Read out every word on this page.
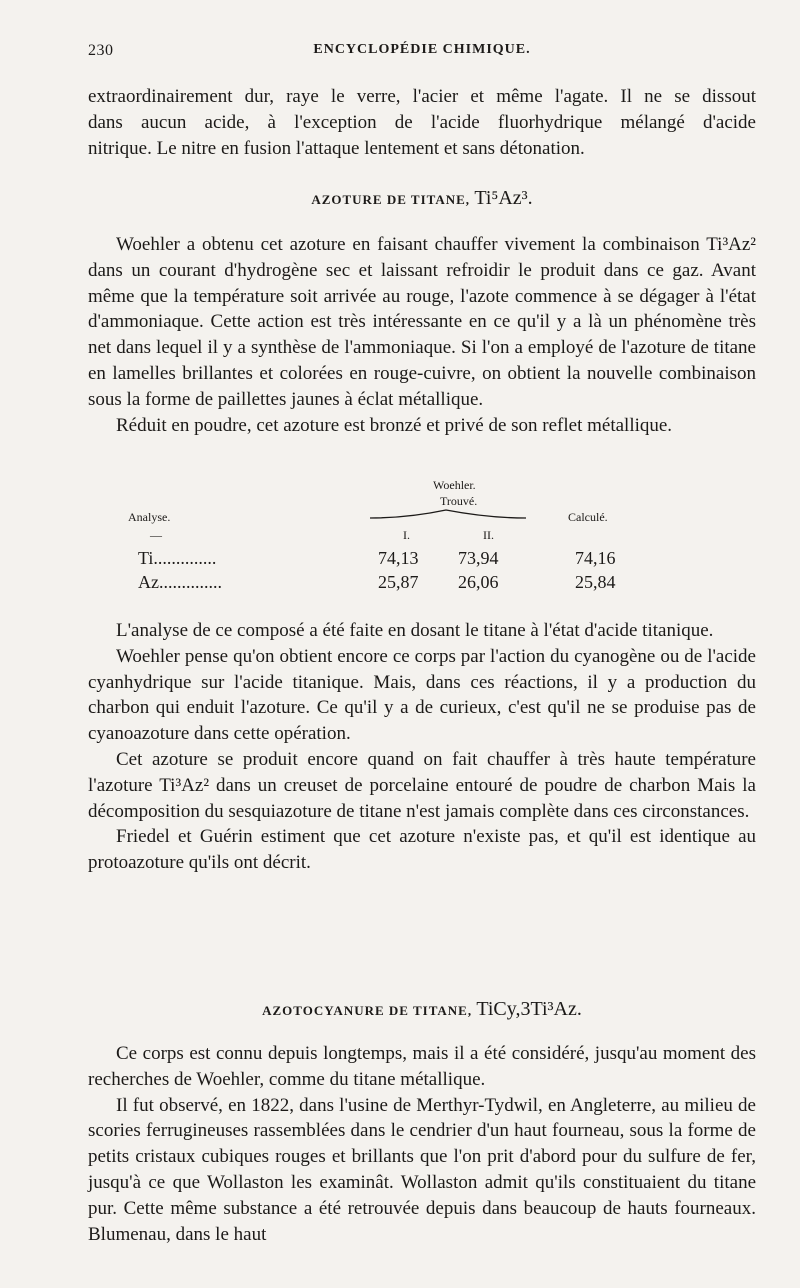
230	ENCYCLOPÉDIE CHIMIQUE.

extraordinairement dur, raye le verre, l'acier et même l'agate. Il ne se dissout

dans aucun acide, à l'exception de l'acide fluorhydrique mélangé d'acide

nitrique. Le nitre en fusion l'attaque lentement et sans détonation.

AZOTURE DE TITANE, Ti⁵Az³.

Woehler a obtenu cet azoture en faisant chauffer vivement la combinaison Ti³Az² dans un courant d'hydrogène sec et laissant refroidir le produit dans ce gaz. Avant même que la température soit arrivée au rouge, l'azote commence à se dégager à l'état d'ammoniaque. Cette action est très intéressante en ce qu'il y a là un phénomène très net dans lequel il y a synthèse de l'ammoniaque. Si l'on a employé de l'azoture de titane en lamelles brillantes et colorées en rouge-cuivre, on obtient la nouvelle combinaison sous la forme de paillettes jaunes à éclat métallique.

Réduit en poudre, cet azoture est bronzé et privé de son reflet métallique.

Woehler.
Trouvé.
Analyse.	Calculé.
—	I.	II.
Ti..............	74,13 73,94	74,16
Az..............	25,87 26,06	25,84

L'analyse de ce composé a été faite en dosant le titane à l'état d'acide titanique.

Woehler pense qu'on obtient encore ce corps par l'action du cyanogène ou de l'acide cyanhydrique sur l'acide titanique. Mais, dans ces réactions, il y a production du charbon qui enduit l'azoture. Ce qu'il y a de curieux, c'est qu'il ne se produise pas de cyanoazoture dans cette opération.

Cet azoture se produit encore quand on fait chauffer à très haute température l'azoture Ti³Az² dans un creuset de porcelaine entouré de poudre de charbon Mais la décomposition du sesquiazoture de titane n'est jamais complète dans ces circonstances.

Friedel et Guérin estiment que cet azoture n'existe pas, et qu'il est identique au protoazoture qu'ils ont décrit.

AZOTOCYANURE DE TITANE, TiCy,3Ti³Az.

Ce corps est connu depuis longtemps, mais il a été considéré, jusqu'au moment des recherches de Woehler, comme du titane métallique.

Il fut observé, en 1822, dans l'usine de Merthyr-Tydwil, en Angleterre, au milieu de scories ferrugineuses rassemblées dans le cendrier d'un haut fourneau, sous la forme de petits cristaux cubiques rouges et brillants que l'on prit d'abord pour du sulfure de fer, jusqu'à ce que Wollaston les examinât. Wollaston admit qu'ils constituaient du titane pur. Cette même substance a été retrouvée depuis dans beaucoup de hauts fourneaux. Blumenau, dans le haut
